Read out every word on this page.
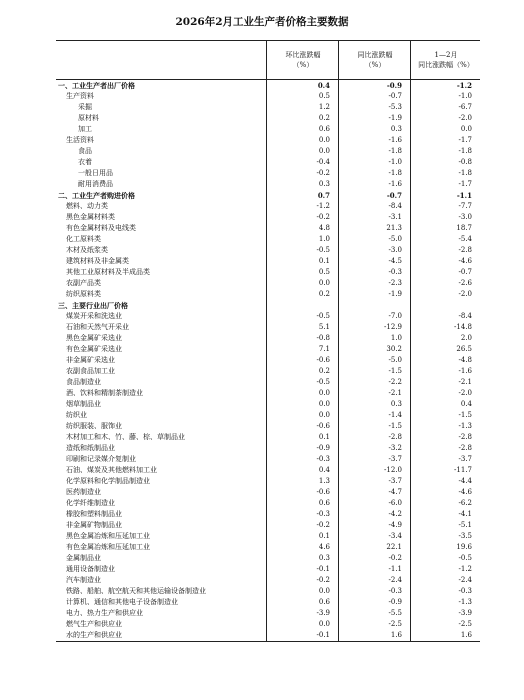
2026年2月工业生产者价格主要数据
环比涨跌幅
（%）
同比涨跌幅
（%）
1—2月
同比涨跌幅（%）
一、工业生产者出厂价格	0.4	-0.9	-1.2
生产资料	0.5	-0.7	-1.0
采掘	1.2	-5.3	-6.7
原材料	0.2	-1.9	-2.0
加工	0.6	0.3	0.0
生活资料	0.0	-1.6	-1.7
食品	0.0	-1.8	-1.8
衣着	-0.4	-1.0	-0.8
一般日用品	-0.2	-1.8	-1.8
耐用消费品	0.3	-1.6	-1.7
二、工业生产者购进价格	0.7	-0.7	-1.1
燃料、动力类	-1.2	-8.4	-7.7
黑色金属材料类	-0.2	-3.1	-3.0
有色金属材料及电线类	4.8	21.3	18.7
化工原料类	1.0	-5.0	-5.4
木材及纸浆类	-0.5	-3.0	-2.8
建筑材料及非金属类	0.1	-4.5	-4.6
其他工业原材料及半成品类	0.5	-0.3	-0.7
农副产品类	0.0	-2.3	-2.6
纺织原料类	0.2	-1.9	-2.0
三、主要行业出厂价格
煤炭开采和洗选业	-0.5	-7.0	-8.4
石油和天然气开采业	5.1	-12.9	-14.8
黑色金属矿采选业	-0.8	1.0	2.0
有色金属矿采选业	7.1	30.2	26.5
非金属矿采选业	-0.6	-5.0	-4.8
农副食品加工业	0.2	-1.5	-1.6
食品制造业	-0.5	-2.2	-2.1
酒、饮料和精制茶制造业	0.0	-2.1	-2.0
烟草制品业	0.0	0.3	0.4
纺织业	0.0	-1.4	-1.5
纺织服装、服饰业	-0.6	-1.5	-1.3
木材加工和木、竹、藤、棕、草制品业	0.1	-2.8	-2.8
造纸和纸制品业	-0.9	-3.2	-2.8
印刷和记录媒介复制业	-0.3	-3.7	-3.7
石油、煤炭及其他燃料加工业	0.4	-12.0	-11.7
化学原料和化学制品制造业	1.3	-3.7	-4.4
医药制造业	-0.6	-4.7	-4.6
化学纤维制造业	0.6	-6.0	-6.2
橡胶和塑料制品业	-0.3	-4.2	-4.1
非金属矿物制品业	-0.2	-4.9	-5.1
黑色金属冶炼和压延加工业	0.1	-3.4	-3.5
有色金属冶炼和压延加工业	4.6	22.1	19.6
金属制品业	0.3	-0.2	-0.5
通用设备制造业	-0.1	-1.1	-1.2
汽车制造业	-0.2	-2.4	-2.4
铁路、船舶、航空航天和其他运输设备制造业	0.0	-0.3	-0.3
计算机、通信和其他电子设备制造业	0.6	-0.9	-1.3
电力、热力生产和供应业	-3.9	-5.5	-3.9
燃气生产和供应业	0.0	-2.5	-2.5
水的生产和供应业	-0.1	1.6	1.6
